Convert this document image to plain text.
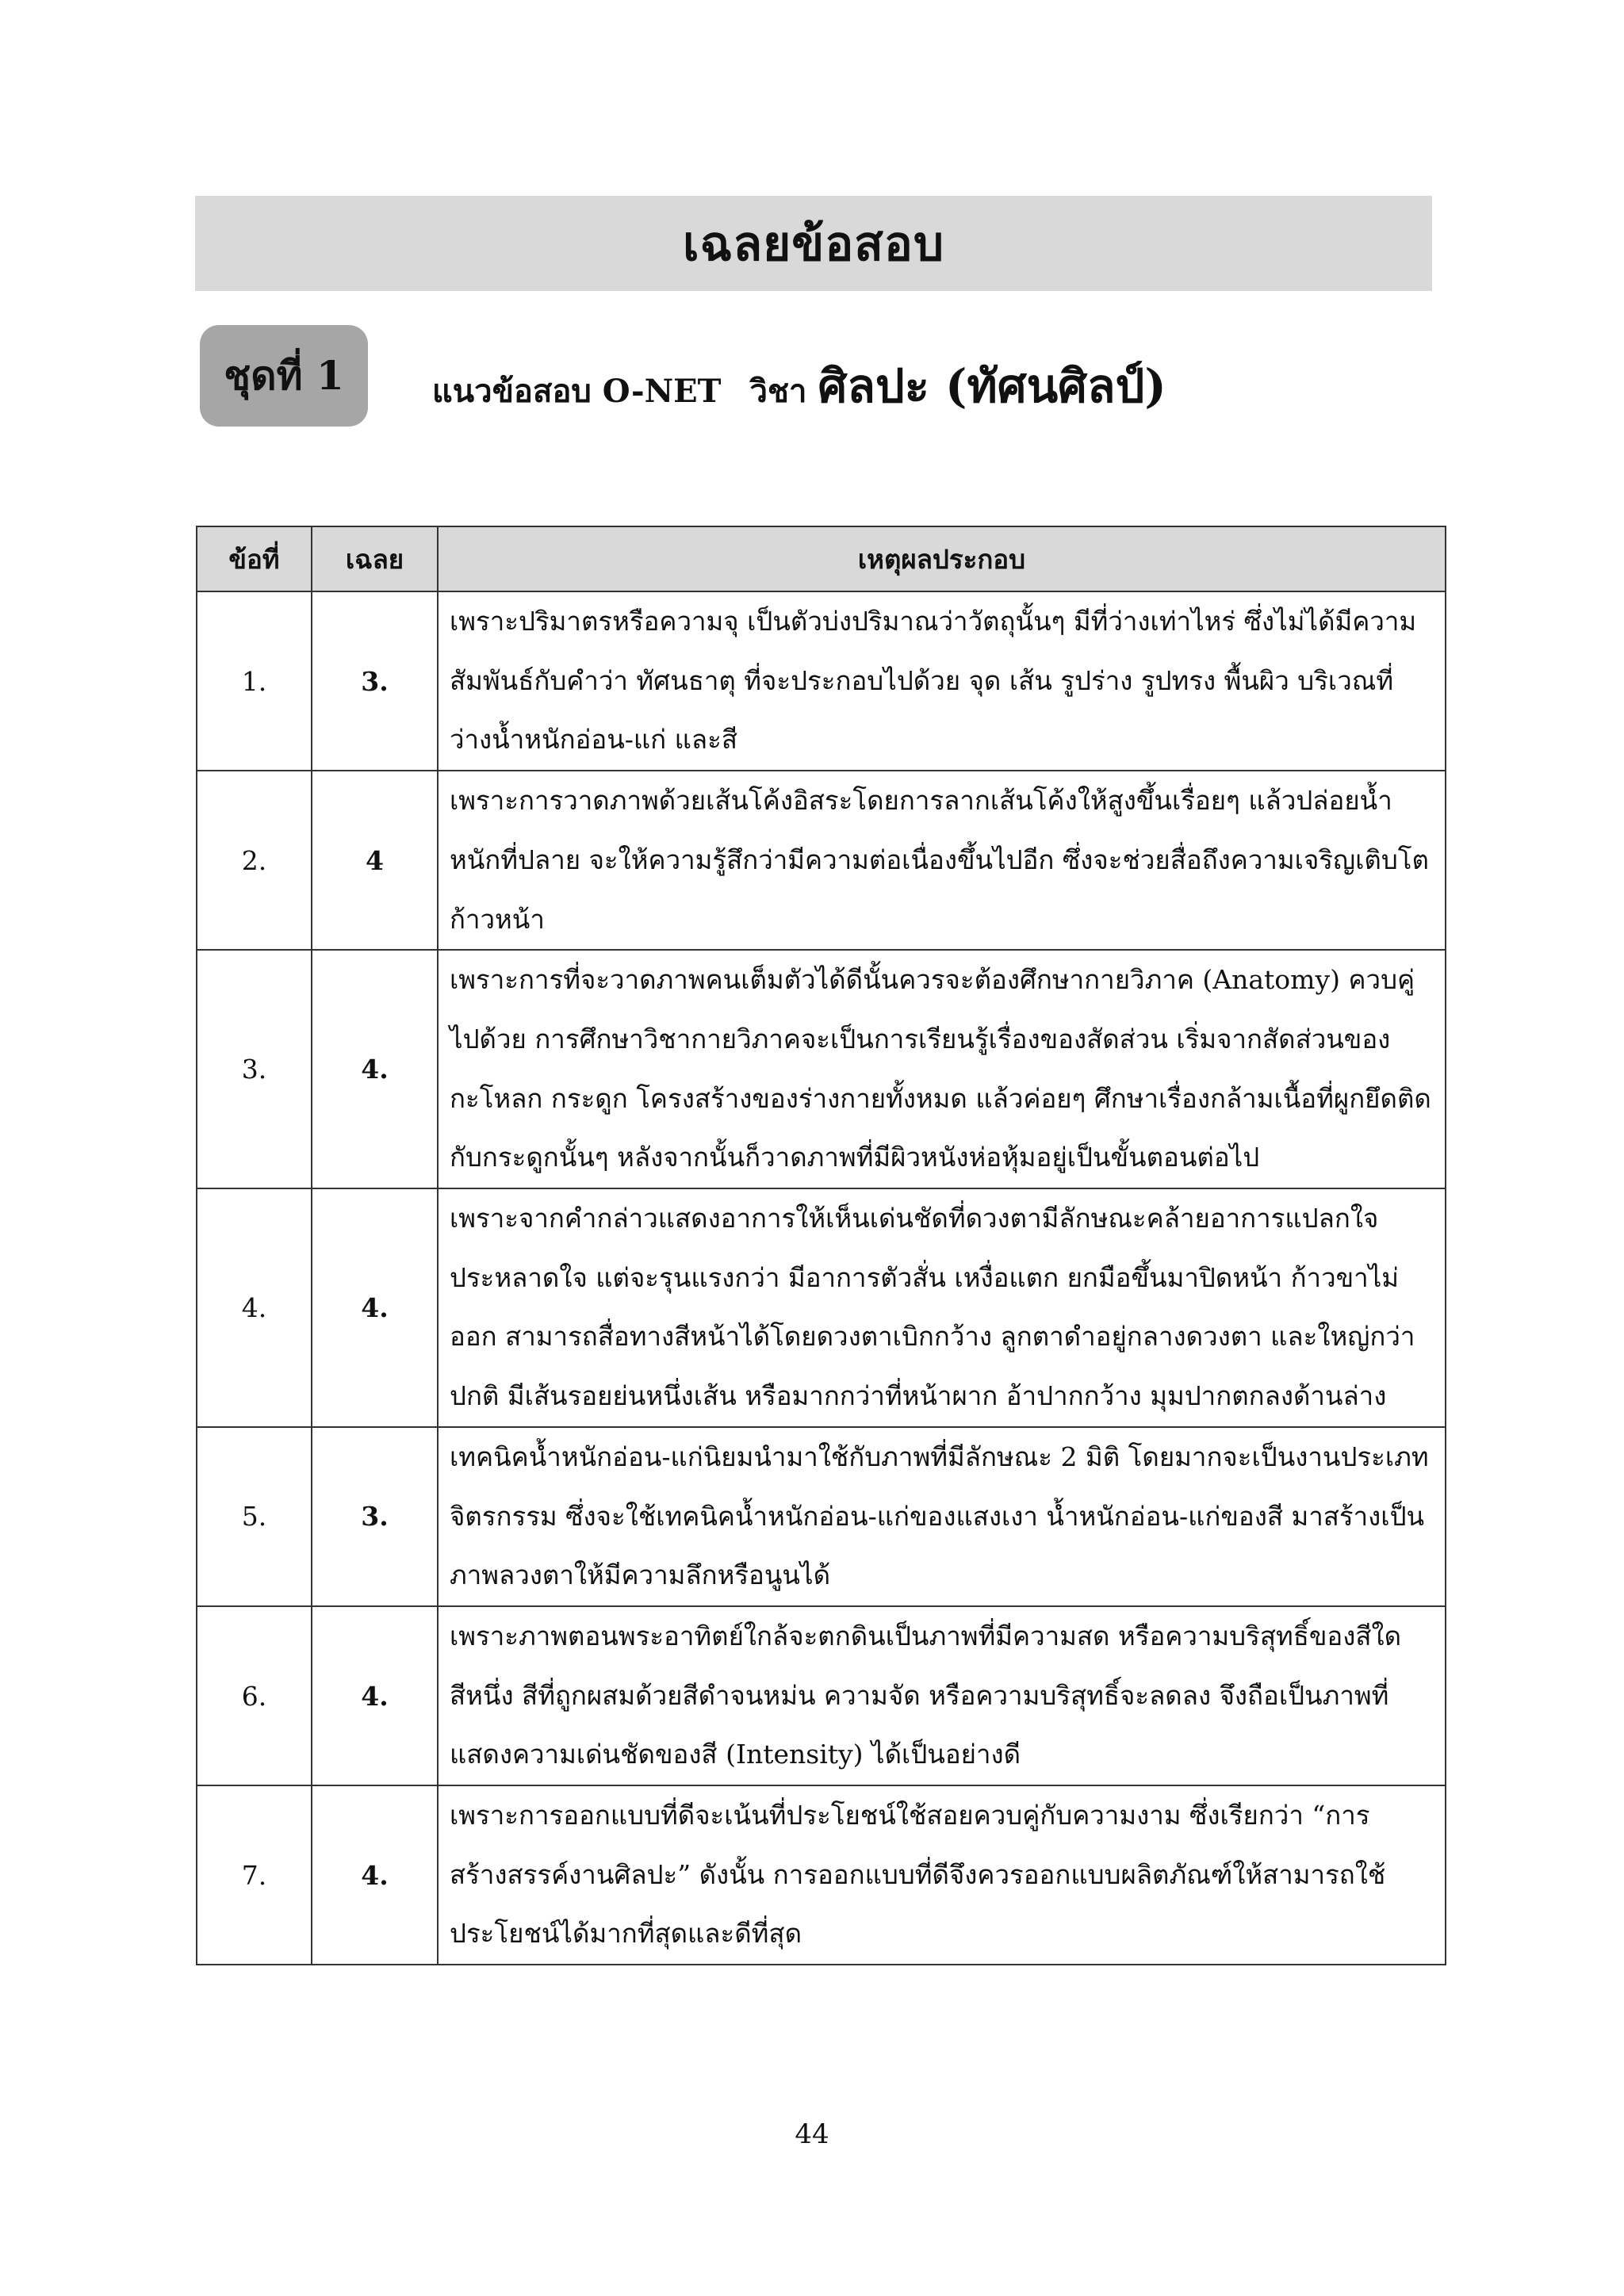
เฉลยข้อสอบ
ชุดที่ 1	แนวข้อสอบ O-NET วิชา ศิลปะ (ทัศนศิลป์)
ข้อที่	เฉลย	เหตุผลประกอบ
1.	3.	เพราะปริมาตรหรือความจุ เป็นตัวบ่งปริมาณว่าวัตถุนั้นๆ มีที่ว่างเท่าไหร่ ซึ่งไม่ได้มีความสัมพันธ์กับคำว่า ทัศนธาตุ ที่จะประกอบไปด้วย จุด เส้น รูปร่าง รูปทรง พื้นผิว บริเวณที่ว่างน้ำหนักอ่อน-แก่ และสี
2.	4	เพราะการวาดภาพด้วยเส้นโค้งอิสระโดยการลากเส้นโค้งให้สูงขึ้นเรื่อยๆ แล้วปล่อยน้ำหนักที่ปลาย จะให้ความรู้สึกว่ามีความต่อเนื่องขึ้นไปอีก ซึ่งจะช่วยสื่อถึงความเจริญเติบโตก้าวหน้า
3.	4.	เพราะการที่จะวาดภาพคนเต็มตัวได้ดีนั้นควรจะต้องศึกษากายวิภาค (Anatomy) ควบคู่ไปด้วย การศึกษาวิชากายวิภาคจะเป็นการเรียนรู้เรื่องของสัดส่วน เริ่มจากสัดส่วนของกะโหลก กระดูก โครงสร้างของร่างกายทั้งหมด แล้วค่อยๆ ศึกษาเรื่องกล้ามเนื้อที่ผูกยึดติดกับกระดูกนั้นๆ หลังจากนั้นก็วาดภาพที่มีผิวหนังห่อหุ้มอยู่เป็นขั้นตอนต่อไป
4.	4.	เพราะจากคำกล่าวแสดงอาการให้เห็นเด่นชัดที่ดวงตามีลักษณะคล้ายอาการแปลกใจประหลาดใจ แต่จะรุนแรงกว่า มีอาการตัวสั่น เหงื่อแตก ยกมือขึ้นมาปิดหน้า ก้าวขาไม่ออก สามารถสื่อทางสีหน้าได้โดยดวงตาเบิกกว้าง ลูกตาดำอยู่กลางดวงตา และใหญ่กว่าปกติ มีเส้นรอยย่นหนึ่งเส้น หรือมากกว่าที่หน้าผาก อ้าปากกว้าง มุมปากตกลงด้านล่าง
5.	3.	เทคนิคน้ำหนักอ่อน-แก่นิยมนำมาใช้กับภาพที่มีลักษณะ 2 มิติ โดยมากจะเป็นงานประเภทจิตรกรรม ซึ่งจะใช้เทคนิคน้ำหนักอ่อน-แก่ของแสงเงา น้ำหนักอ่อน-แก่ของสี มาสร้างเป็นภาพลวงตาให้มีความลึกหรือนูนได้
6.	4.	เพราะภาพตอนพระอาทิตย์ใกล้จะตกดินเป็นภาพที่มีความสด หรือความบริสุทธิ์ของสีใดสีหนึ่ง สีที่ถูกผสมด้วยสีดำจนหม่น ความจัด หรือความบริสุทธิ์จะลดลง จึงถือเป็นภาพที่แสดงความเด่นชัดของสี (Intensity) ได้เป็นอย่างดี
7.	4.	เพราะการออกแบบที่ดีจะเน้นที่ประโยชน์ใช้สอยควบคู่กับความงาม ซึ่งเรียกว่า “การสร้างสรรค์งานศิลปะ” ดังนั้น การออกแบบที่ดีจึงควรออกแบบผลิตภัณฑ์ให้สามารถใช้ประโยชน์ได้มากที่สุดและดีที่สุด
44
